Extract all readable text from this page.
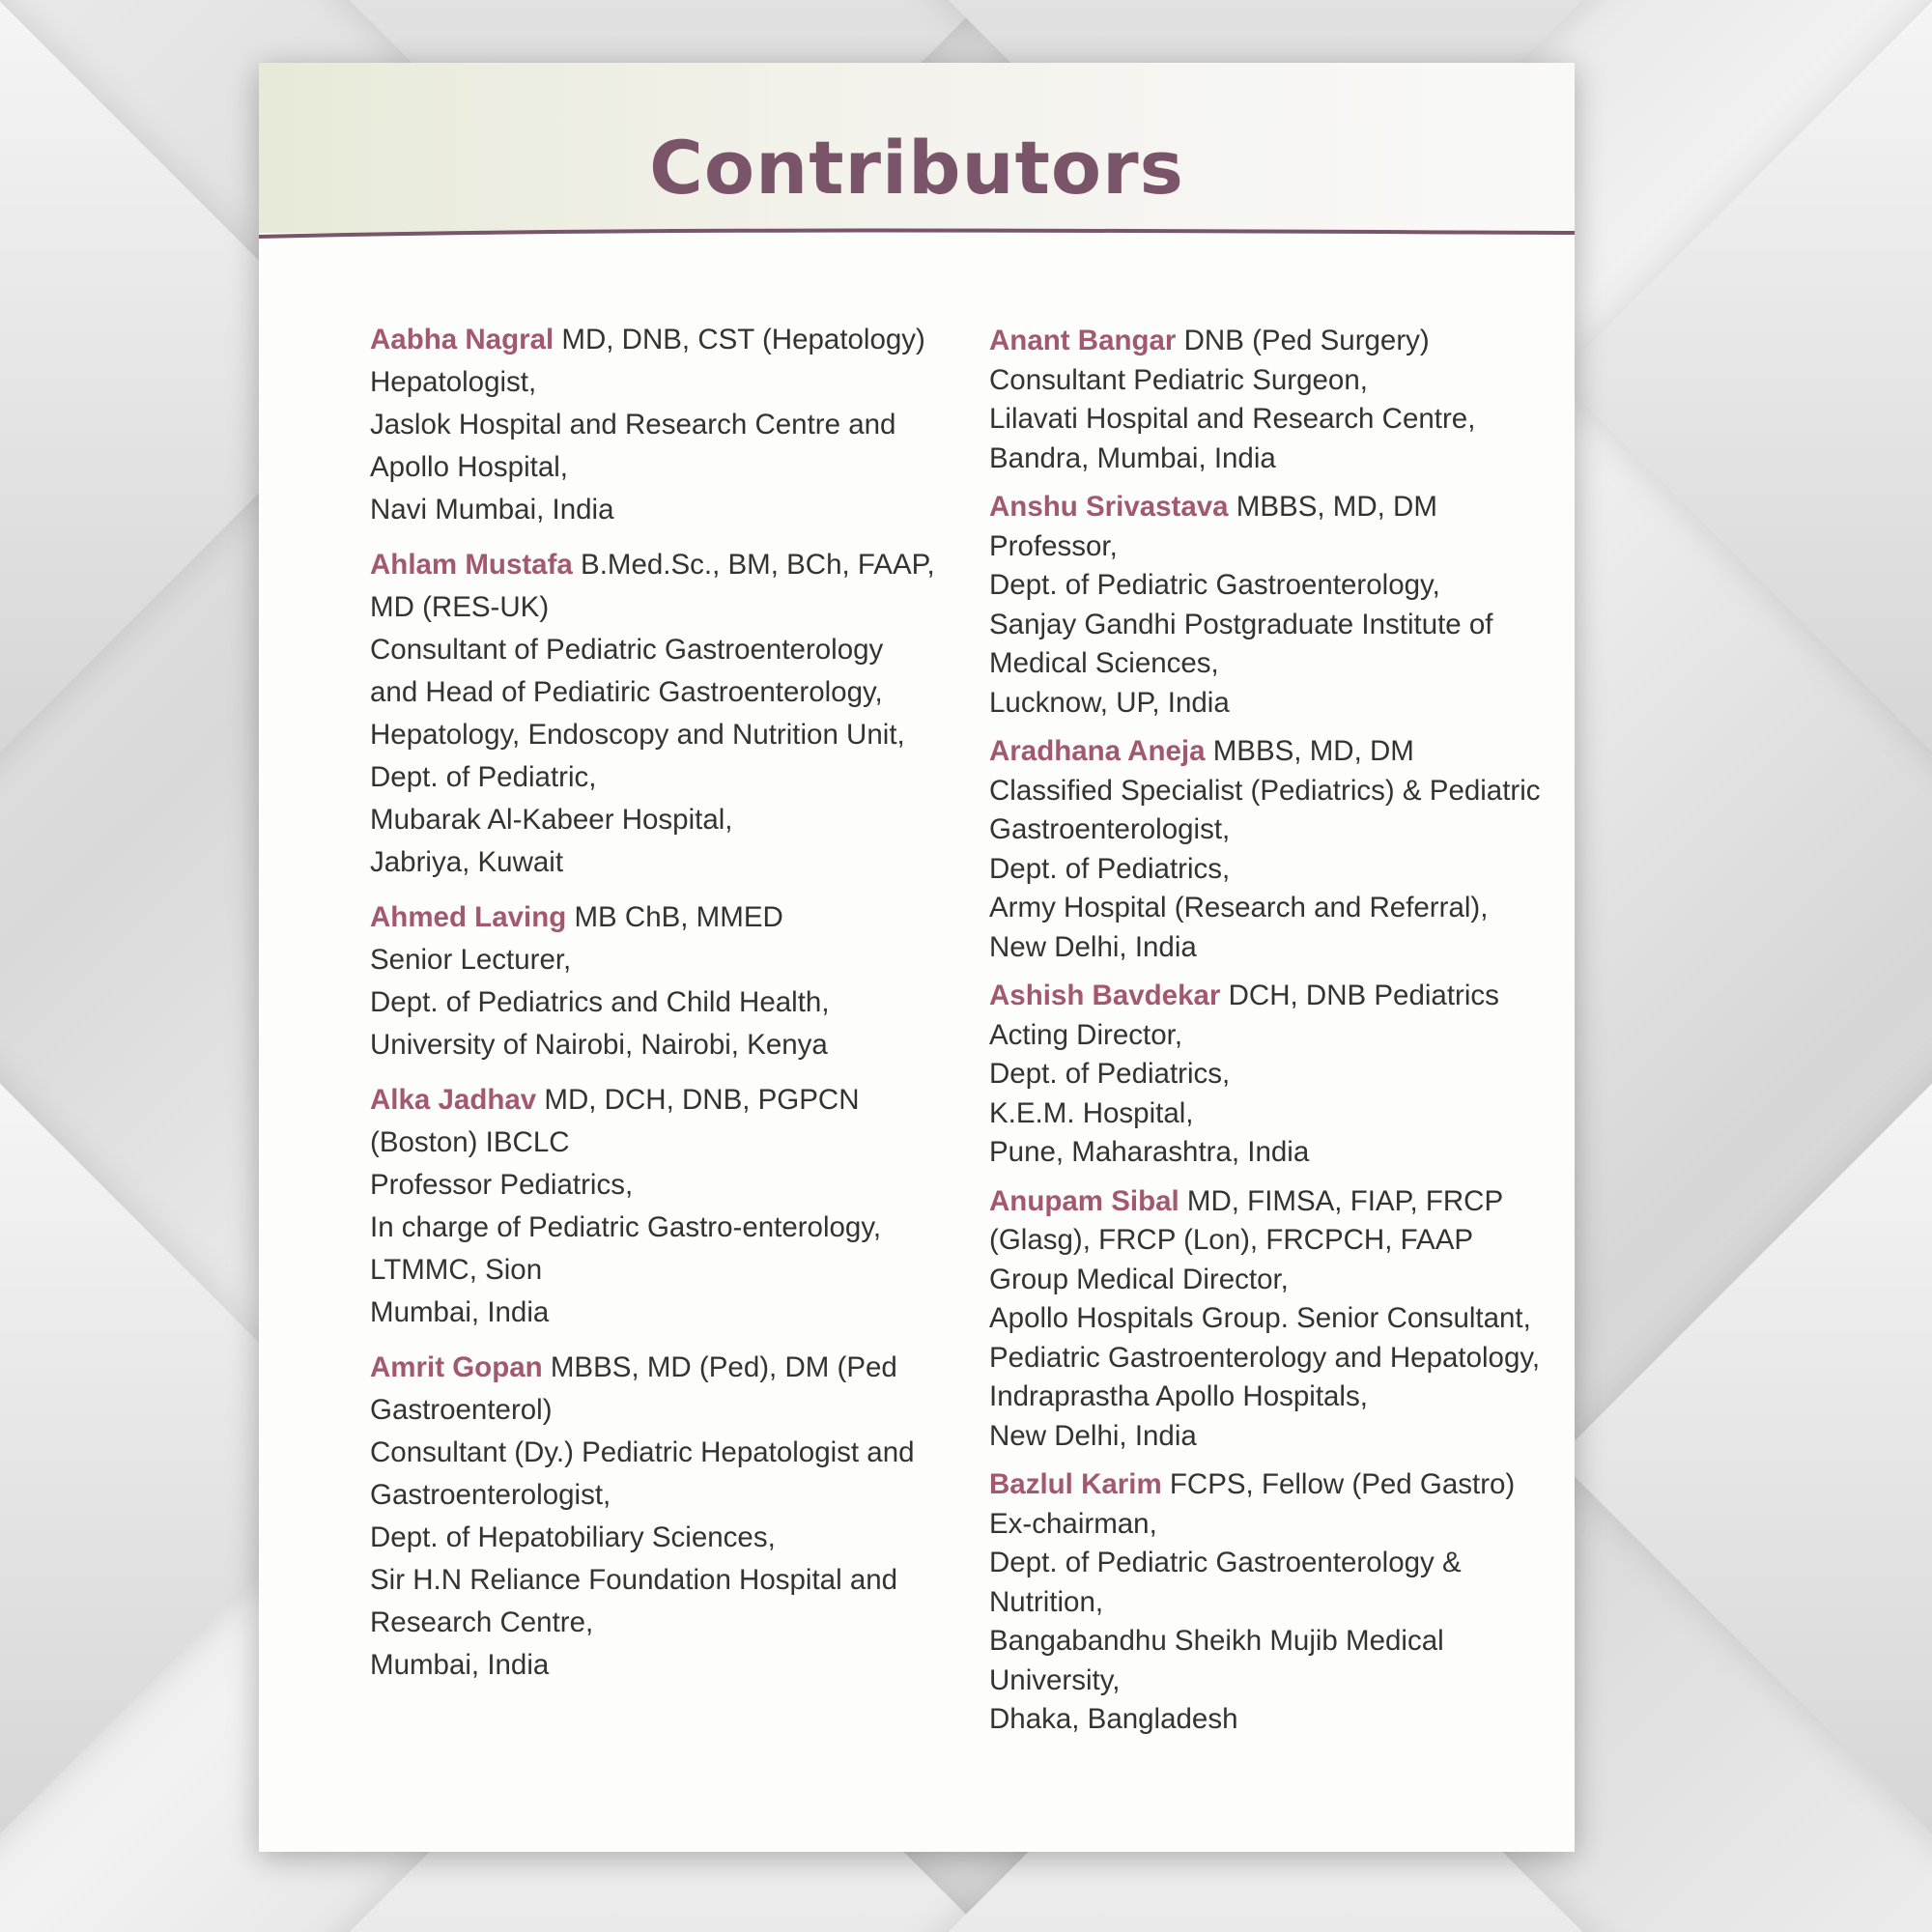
Contributors
Aabha Nagral MD, DNB, CST (Hepatology)
Hepatologist,
Jaslok Hospital and Research Centre and
Apollo Hospital,
Navi Mumbai, India
Ahlam Mustafa B.Med.Sc., BM, BCh, FAAP,
MD (RES-UK)
Consultant of Pediatric Gastroenterology
and Head of Pediatiric Gastroenterology,
Hepatology, Endoscopy and Nutrition Unit,
Dept. of Pediatric,
Mubarak Al-Kabeer Hospital,
Jabriya, Kuwait
Ahmed Laving MB ChB, MMED
Senior Lecturer,
Dept. of Pediatrics and Child Health,
University of Nairobi, Nairobi, Kenya
Alka Jadhav MD, DCH, DNB, PGPCN
(Boston) IBCLC
Professor Pediatrics,
In charge of Pediatric Gastro-enterology,
LTMMC, Sion
Mumbai, India
Amrit Gopan MBBS, MD (Ped), DM (Ped
Gastroenterol)
Consultant (Dy.) Pediatric Hepatologist and
Gastroenterologist,
Dept. of Hepatobiliary Sciences,
Sir H.N Reliance Foundation Hospital and
Research Centre,
Mumbai, India
Anant Bangar DNB (Ped Surgery)
Consultant Pediatric Surgeon,
Lilavati Hospital and Research Centre,
Bandra, Mumbai, India
Anshu Srivastava MBBS, MD, DM
Professor,
Dept. of Pediatric Gastroenterology,
Sanjay Gandhi Postgraduate Institute of
Medical Sciences,
Lucknow, UP, India
Aradhana Aneja MBBS, MD, DM
Classified Specialist (Pediatrics) & Pediatric
Gastroenterologist,
Dept. of Pediatrics,
Army Hospital (Research and Referral),
New Delhi, India
Ashish Bavdekar DCH, DNB Pediatrics
Acting Director,
Dept. of Pediatrics,
K.E.M. Hospital,
Pune, Maharashtra, India
Anupam Sibal MD, FIMSA, FIAP, FRCP
(Glasg), FRCP (Lon), FRCPCH, FAAP
Group Medical Director,
Apollo Hospitals Group. Senior Consultant,
Pediatric Gastroenterology and Hepatology,
Indraprastha Apollo Hospitals,
New Delhi, India
Bazlul Karim FCPS, Fellow (Ped Gastro)
Ex-chairman,
Dept. of Pediatric Gastroenterology &
Nutrition,
Bangabandhu Sheikh Mujib Medical
University,
Dhaka, Bangladesh
